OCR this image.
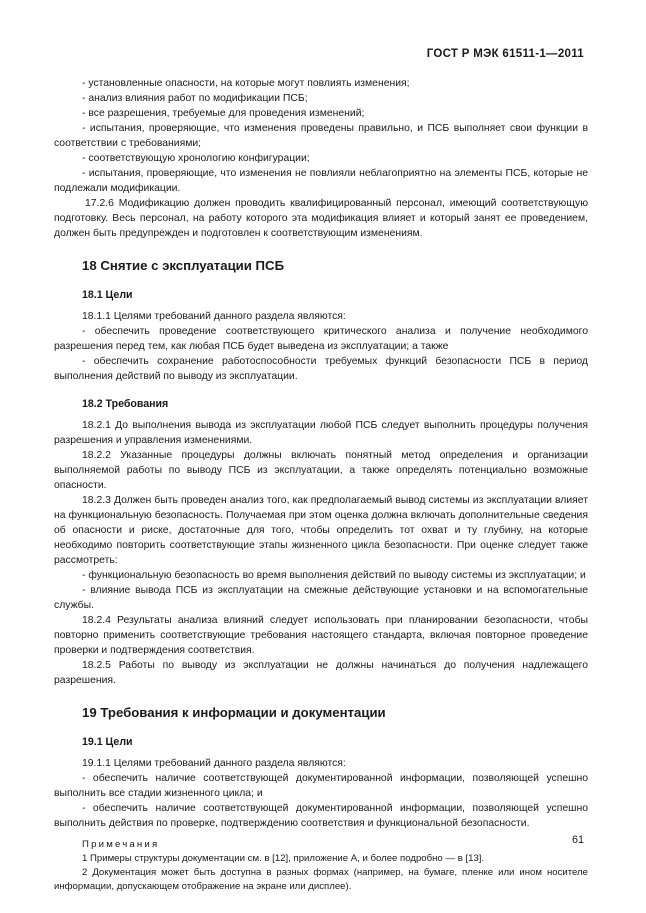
ГОСТ Р МЭК 61511-1—2011

- установленные опасности, на которые могут повлиять изменения;

- анализ влияния работ по модификации ПСБ;

- все разрешения, требуемые для проведения изменений;

- испытания, проверяющие, что изменения проведены правильно, и ПСБ выполняет свои функции в соответствии с требованиями;

- соответствующую хронологию конфигурации;

- испытания, проверяющие, что изменения не повлияли неблагоприятно на элементы ПСБ, которые не подлежали модификации.

17.2.6 Модификацию должен проводить квалифицированный персонал, имеющий соответствующую подготовку. Весь персонал, на работу которого эта модификация влияет и который занят ее проведением, должен быть предупрежден и подготовлен к соответствующим изменениям.

18 Снятие с эксплуатации ПСБ
18.1 Цели

18.1.1 Целями требований данного раздела являются:

- обеспечить проведение соответствующего критического анализа и получение необходимого разрешения перед тем, как любая ПСБ будет выведена из эксплуатации; а также

- обеспечить сохранение работоспособности требуемых функций безопасности ПСБ в период выполнения действий по выводу из эксплуатации.

18.2 Требования

18.2.1 До выполнения вывода из эксплуатации любой ПСБ следует выполнить процедуры получения разрешения и управления изменениями.

18.2.2 Указанные процедуры должны включать понятный метод определения и организации выполняемой работы по выводу ПСБ из эксплуатации, а также определять потенциально возможные опасности.

18.2.3 Должен быть проведен анализ того, как предполагаемый вывод системы из эксплуатации влияет на функциональную безопасность. Получаемая при этом оценка должна включать дополнительные сведения об опасности и риске, достаточные для того, чтобы определить тот охват и ту глубину, на которые необходимо повторить соответствующие этапы жизненного цикла безопасности. При оценке следует также рассмотреть:

- функциональную безопасность во время выполнения действий по выводу системы из эксплуатации; и

- влияние вывода ПСБ из эксплуатации на смежные действующие установки и на вспомогательные службы.

18.2.4 Результаты анализа влияний следует использовать при планировании безопасности, чтобы повторно применить соответствующие требования настоящего стандарта, включая повторное проведение проверки и подтверждения соответствия.

18.2.5 Работы по выводу из эксплуатации не должны начинаться до получения надлежащего разрешения.

19 Требования к информации и документации
19.1 Цели

19.1.1 Целями требований данного раздела являются:

- обеспечить наличие соответствующей документированной информации, позволяющей успешно выполнить все стадии жизненного цикла; и

- обеспечить наличие соответствующей документированной информации, позволяющей успешно выполнить действия по проверке, подтверждению соответствия и функциональной безопасности.

Примечания

1 Примеры структуры документации см. в [12], приложение А, и более подробно — в [13].

2 Документация может быть доступна в разных формах (например, на бумаге, пленке или ином носителе информации, допускающем отображение на экране или дисплее).

61
